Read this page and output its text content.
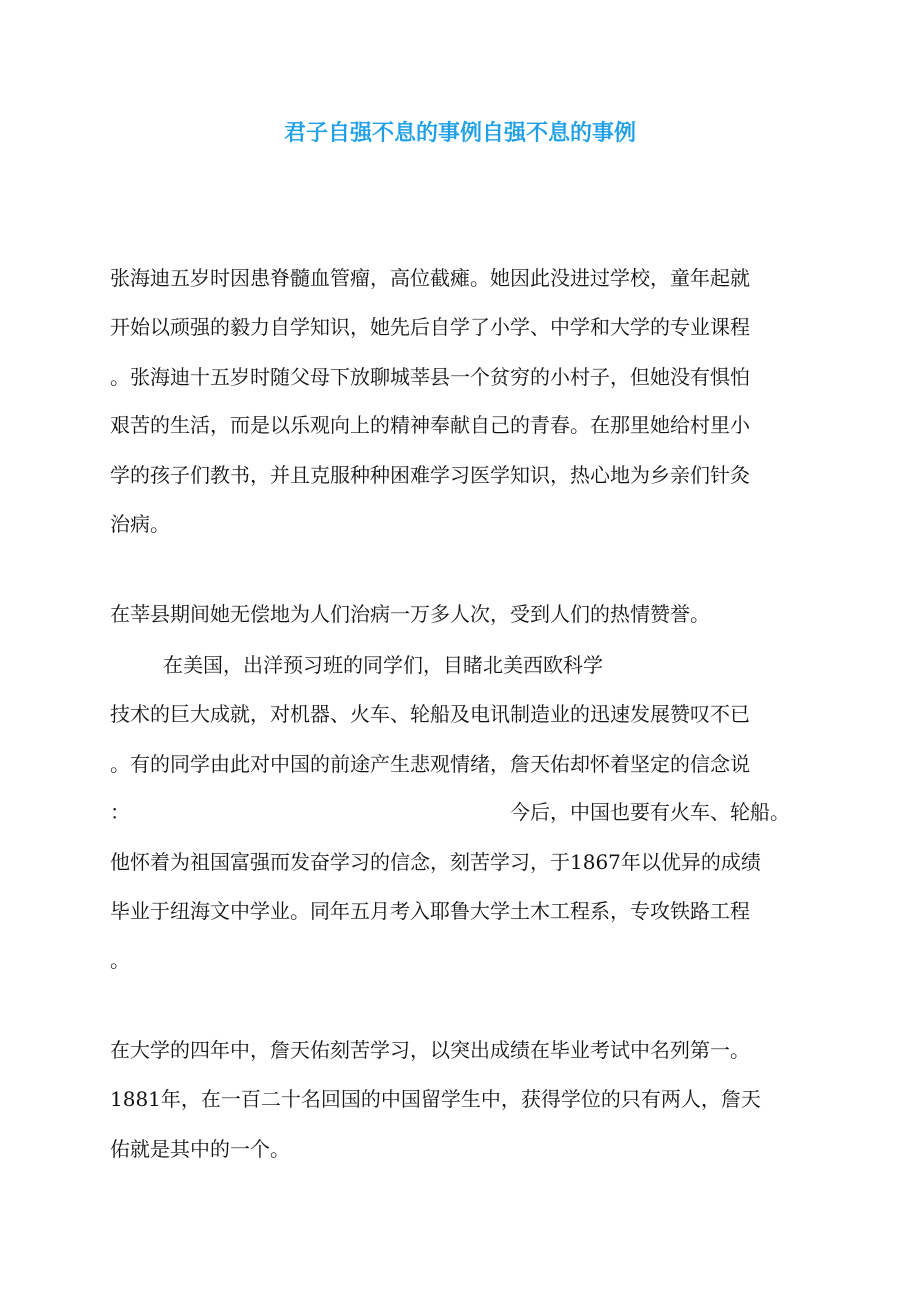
君子自强不息的事例自强不息的事例

张海迪五岁时因患脊髓血管瘤，高位截瘫。她因此没进过学校，童年起就

开始以顽强的毅力自学知识，她先后自学了小学、中学和大学的专业课程

。张海迪十五岁时随父母下放聊城莘县一个贫穷的小村子，但她没有惧怕

艰苦的生活，而是以乐观向上的精神奉献自己的青春。在那里她给村里小

学的孩子们教书，并且克服种种困难学习医学知识，热心地为乡亲们针灸

治病。

在莘县期间她无偿地为人们治病一万多人次，受到人们的热情赞誉。

在美国，出洋预习班的同学们，目睹北美西欧科学

技术的巨大成就，对机器、火车、轮船及电讯制造业的迅速发展赞叹不已

。有的同学由此对中国的前途产生悲观情绪，詹天佑却怀着坚定的信念说

：	今后，中国也要有火车、轮船。

他怀着为祖国富强而发奋学习的信念，刻苦学习，于1867年以优异的成绩

毕业于纽海文中学业。同年五月考入耶鲁大学土木工程系，专攻铁路工程

。

在大学的四年中，詹天佑刻苦学习，以突出成绩在毕业考试中名列第一。

1881年，在一百二十名回国的中国留学生中，获得学位的只有两人，詹天

佑就是其中的一个。
